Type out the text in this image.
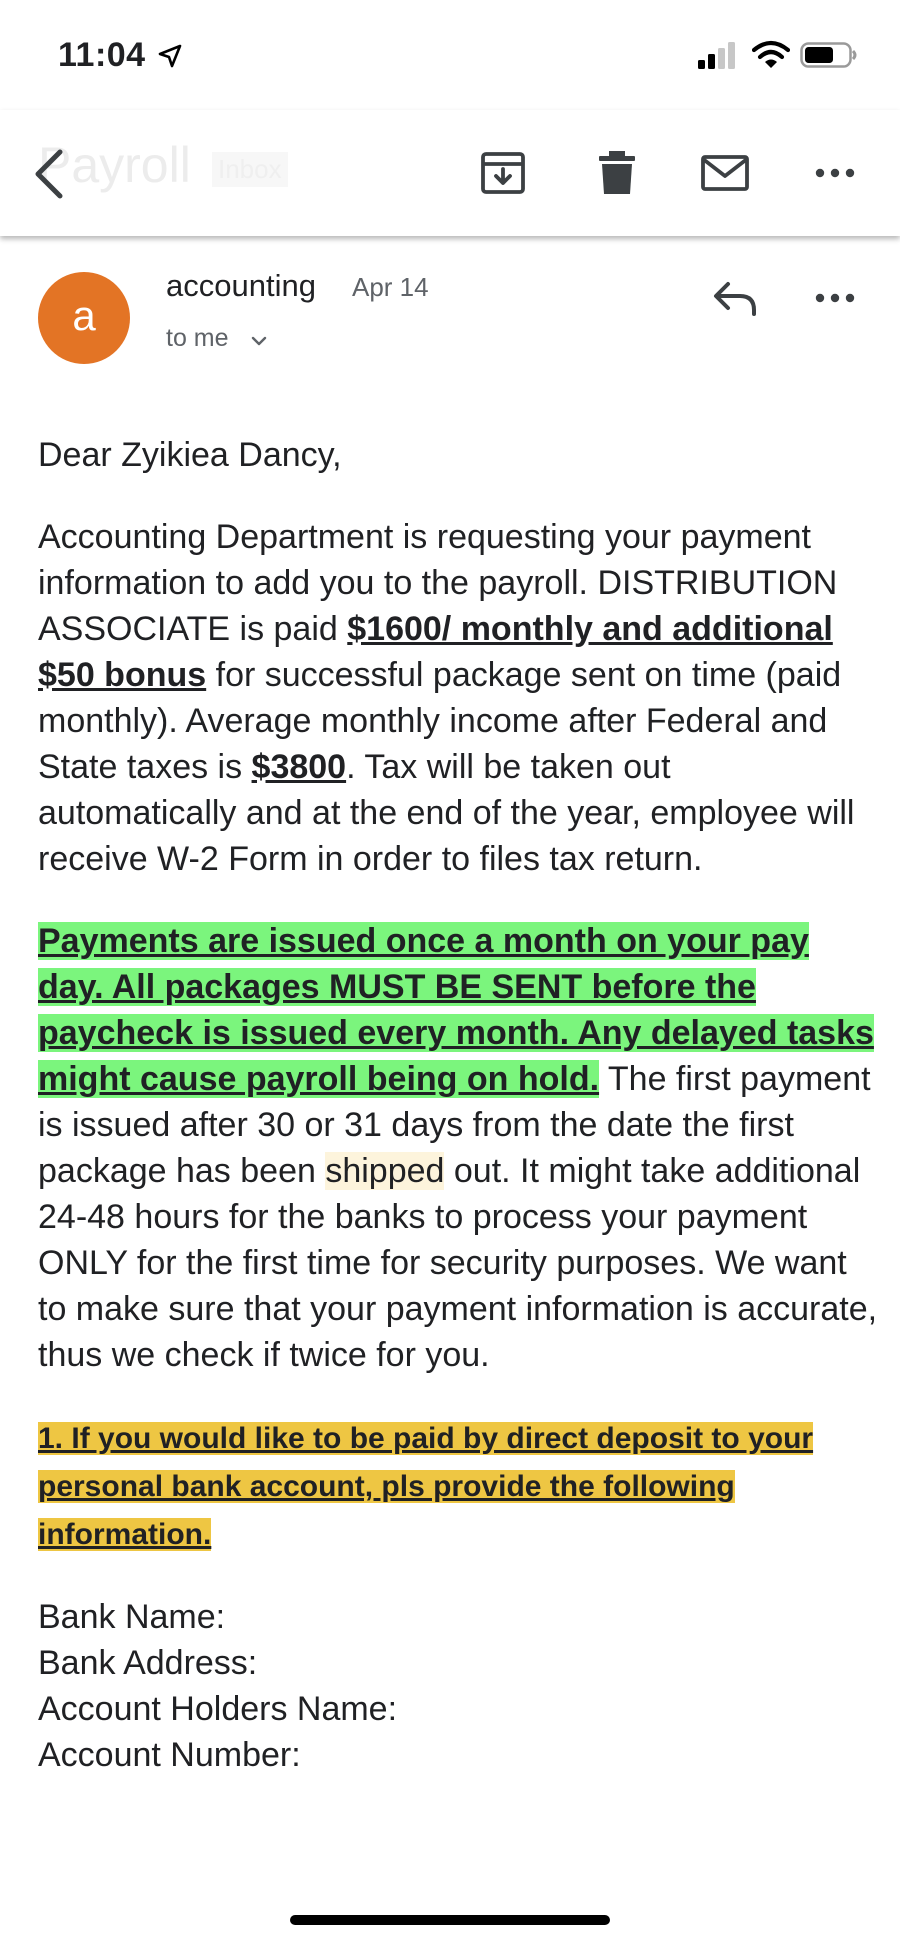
11:04
Payroll Inbox
a
accounting Apr 14
to me

Dear Zyikiea Dancy,

Accounting Department is requesting your payment information to add you to the payroll. DISTRIBUTION ASSOCIATE is paid $1600/ monthly and additional $50 bonus for successful package sent on time (paid monthly). Average monthly income after Federal and State taxes is $3800. Tax will be taken out automatically and at the end of the year, employee will receive W-2 Form in order to files tax return.

Payments are issued once a month on your pay day. All packages MUST BE SENT before the paycheck is issued every month. Any delayed tasks might cause payroll being on hold. The first payment is issued after 30 or 31 days from the date the first package has been shipped out. It might take additional 24-48 hours for the banks to process your payment ONLY for the first time for security purposes. We want to make sure that your payment information is accurate, thus we check if twice for you.

1. If you would like to be paid by direct deposit to your personal bank account, pls provide the following information.

Bank Name:
Bank Address:
Account Holders Name:
Account Number:
